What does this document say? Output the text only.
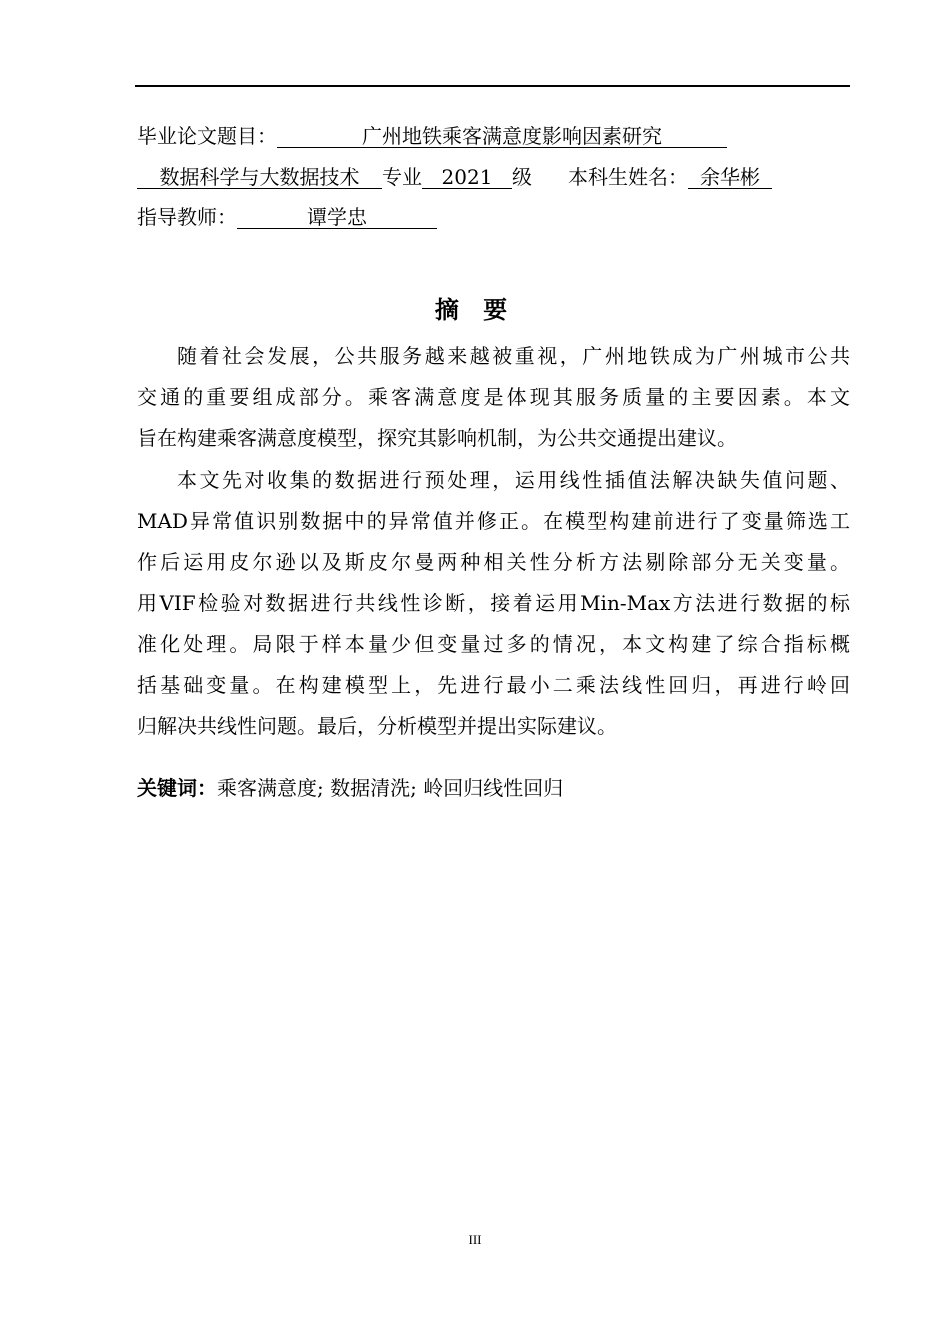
毕业论文题目：	广州地铁乘客满意度影响因素研究
数据科学与大数据技术 专业 2021 级 本科生姓名： 余华彬
指导教师：	谭学忠
摘 要
随着社会发展，公共服务越来越被重视，广州地铁成为广州城市公共
交通的重要组成部分。乘客满意度是体现其服务质量的主要因素。本文
旨在构建乘客满意度模型，探究其影响机制，为公共交通提出建议。
本文先对收集的数据进行预处理，运用线性插值法解决缺失值问题、
MAD异常值识别数据中的异常值并修正。在模型构建前进行了变量筛选工
作后运用皮尔逊以及斯皮尔曼两种相关性分析方法剔除部分无关变量。
用VIF检验对数据进行共线性诊断，接着运用Min-Max方法进行数据的标
准化处理。局限于样本量少但变量过多的情况，本文构建了综合指标概
括基础变量。在构建模型上，先进行最小二乘法线性回归，再进行岭回
归解决共线性问题。最后，分析模型并提出实际建议。
关键词：乘客满意度; 数据清洗; 岭回归线性回归
III
